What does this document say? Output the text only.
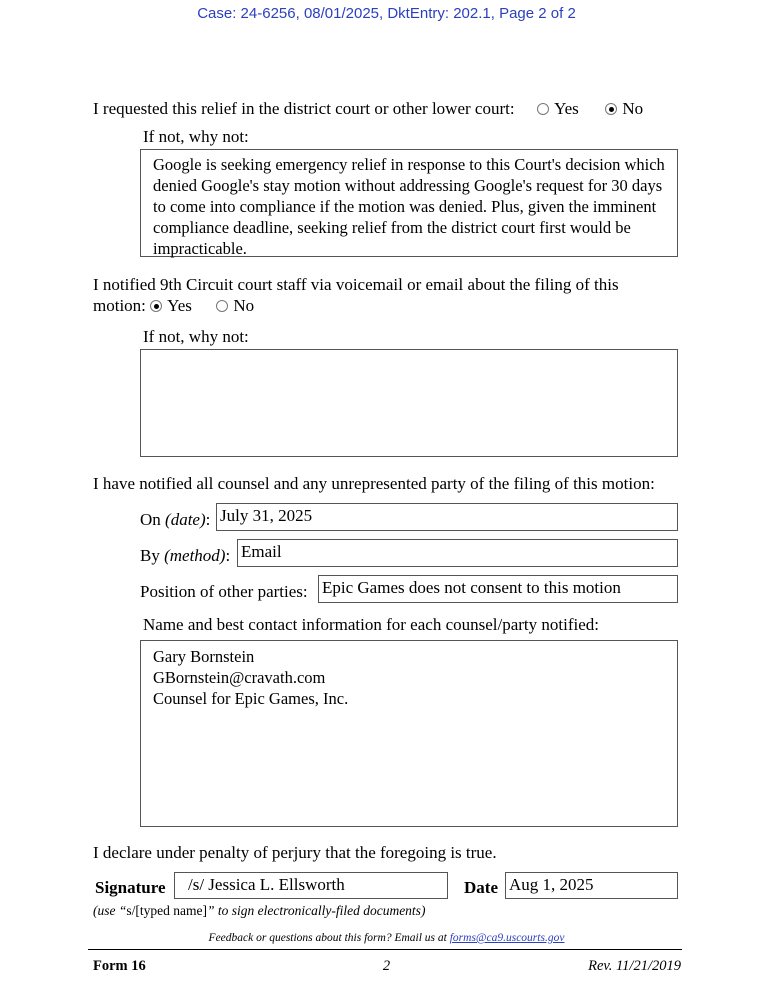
Case: 24-6256, 08/01/2025, DktEntry: 202.1, Page 2 of 2
I requested this relief in the district court or other lower court: Yes	No
If not, why not:
Google is seeking emergency relief in response to this Court's decision which denied Google's stay motion without addressing Google's request for 30 days to come into compliance if the motion was denied. Plus, given the imminent compliance deadline, seeking relief from the district court first would be impracticable.
I notified 9th Circuit court staff via voicemail or email about the filing of this
motion: Yes No
If not, why not:
I have notified all counsel and any unrepresented party of the filing of this motion:
On (date): July 31, 2025
By (method): Email
Position of other parties: Epic Games does not consent to this motion
Name and best contact information for each counsel/party notified:
Gary Bornstein
GBornstein@cravath.com
Counsel for Epic Games, Inc.
I declare under penalty of perjury that the foregoing is true.
Signature	/s/ Jessica L. Ellsworth	Date Aug 1, 2025
(use “s/[typed name]” to sign electronically-filed documents)
Feedback or questions about this form? Email us at forms@ca9.uscourts.gov
Form 16	2	Rev. 11/21/2019
